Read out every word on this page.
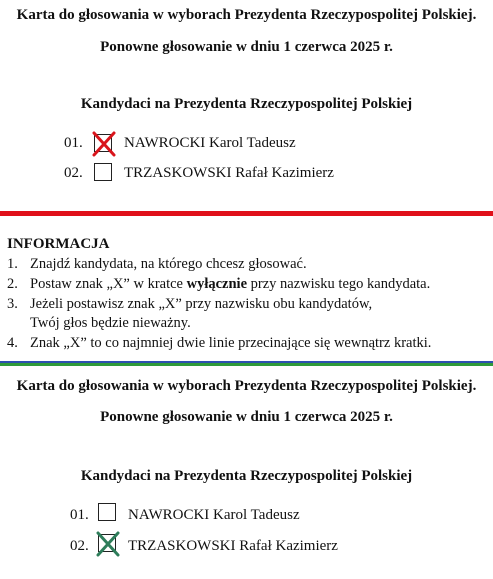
Karta do głosowania w wyborach Prezydenta Rzeczypospolitej Polskiej.
Ponowne głosowanie w dniu 1 czerwca 2025 r.
Kandydaci na Prezydenta Rzeczypospolitej Polskiej
01.	NAWROCKI Karol Tadeusz
02.	TRZASKOWSKI Rafał Kazimierz
INFORMACJA
1. Znajdź kandydata, na którego chcesz głosować.
2. Postaw znak „X” w kratce wyłącznie przy nazwisku tego kandydata.
3. Jeżeli postawisz znak „X” przy nazwisku obu kandydatów,
Twój głos będzie nieważny.
4. Znak „X” to co najmniej dwie linie przecinające się wewnątrz kratki.
Karta do głosowania w wyborach Prezydenta Rzeczypospolitej Polskiej.
Ponowne głosowanie w dniu 1 czerwca 2025 r.
Kandydaci na Prezydenta Rzeczypospolitej Polskiej
01.	NAWROCKI Karol Tadeusz
02.	TRZASKOWSKI Rafał Kazimierz
